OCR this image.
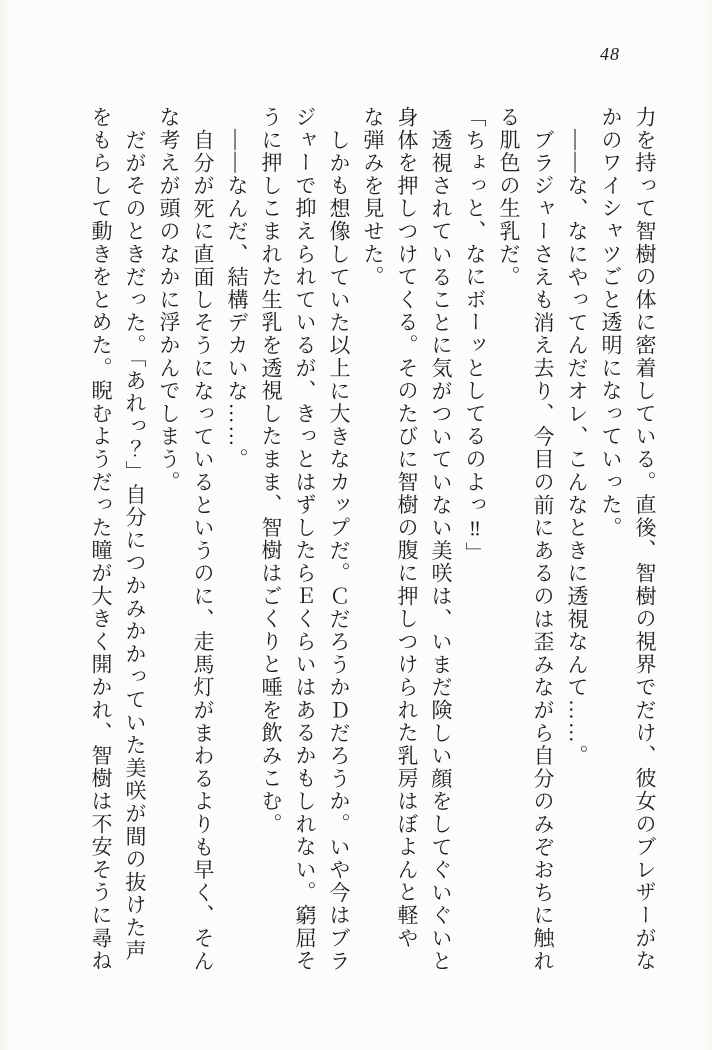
48
力を持って智樹の体に密着している。直後、智樹の視界でだけ、彼女のブレザーがな
かのワイシャツごと透明になっていった。
――な、なにやってんだオレ、こんなときに透視なんて……。
ブラジャーさえも消え去り、今目の前にあるのは歪みながら自分のみぞおちに触れ
る肌色の生乳だ。
「ちょっと、なにボーッとしてるのよっ‼」
透視されていることに気がついていない美咲は、いまだ険しい顔をしてぐいぐいと
身体を押しつけてくる。そのたびに智樹の腹に押しつけられた乳房はぼよんと軽や
な弾みを見せた。
しかも想像していた以上に大きなカップだ。ＣだろうかＤだろうか。いや今はブラ
ジャーで抑えられているが、きっとはずしたらＥくらいはあるかもしれない。窮屈そ
うに押しこまれた生乳を透視したまま、智樹はごくりと唾を飲みこむ。
――なんだ、結構デカいな……。
自分が死に直面しそうになっているというのに、走馬灯がまわるよりも早く、そん
な考えが頭のなかに浮かんでしまう。
だがそのときだった。「あれっ？」自分につかみかかっていた美咲が間の抜けた声
をもらして動きをとめた。睨むようだった瞳が大きく開かれ、智樹は不安そうに尋ね
